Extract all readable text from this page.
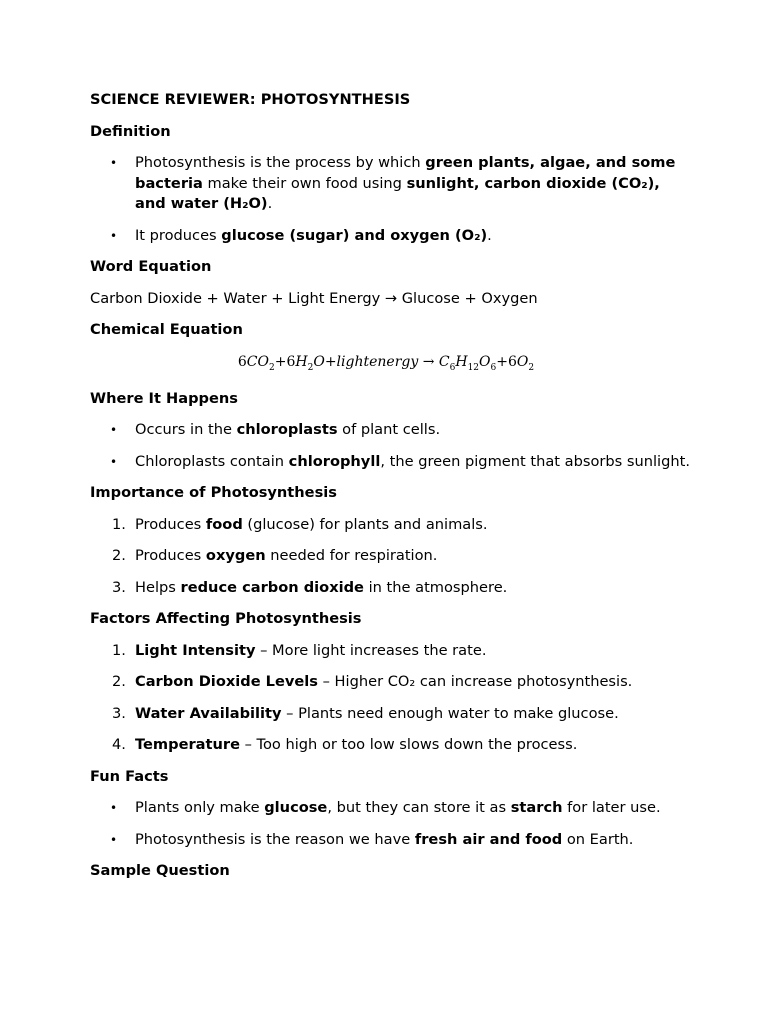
SCIENCE REVIEWER: PHOTOSYNTHESIS

Definition

• Photosynthesis is the process by which green plants, algae, and some bacteria make their own food using sunlight, carbon dioxide (CO₂), and water (H₂O).
• It produces glucose (sugar) and oxygen (O₂).

Word Equation

Carbon Dioxide + Water + Light Energy → Glucose + Oxygen

Chemical Equation

$6CO_2+6H_2O+lightenergy \to C_6H_{12}O_6+6O_2$

Where It Happens

• Occurs in the chloroplasts of plant cells.
• Chloroplasts contain chlorophyll, the green pigment that absorbs sunlight.

Importance of Photosynthesis

1. Produces food (glucose) for plants and animals.
2. Produces oxygen needed for respiration.
3. Helps reduce carbon dioxide in the atmosphere.

Factors Affecting Photosynthesis

1. Light Intensity – More light increases the rate.
2. Carbon Dioxide Levels – Higher CO₂ can increase photosynthesis.
3. Water Availability – Plants need enough water to make glucose.
4. Temperature – Too high or too low slows down the process.

Fun Facts

• Plants only make glucose, but they can store it as starch for later use.
• Photosynthesis is the reason we have fresh air and food on Earth.

Sample Question
